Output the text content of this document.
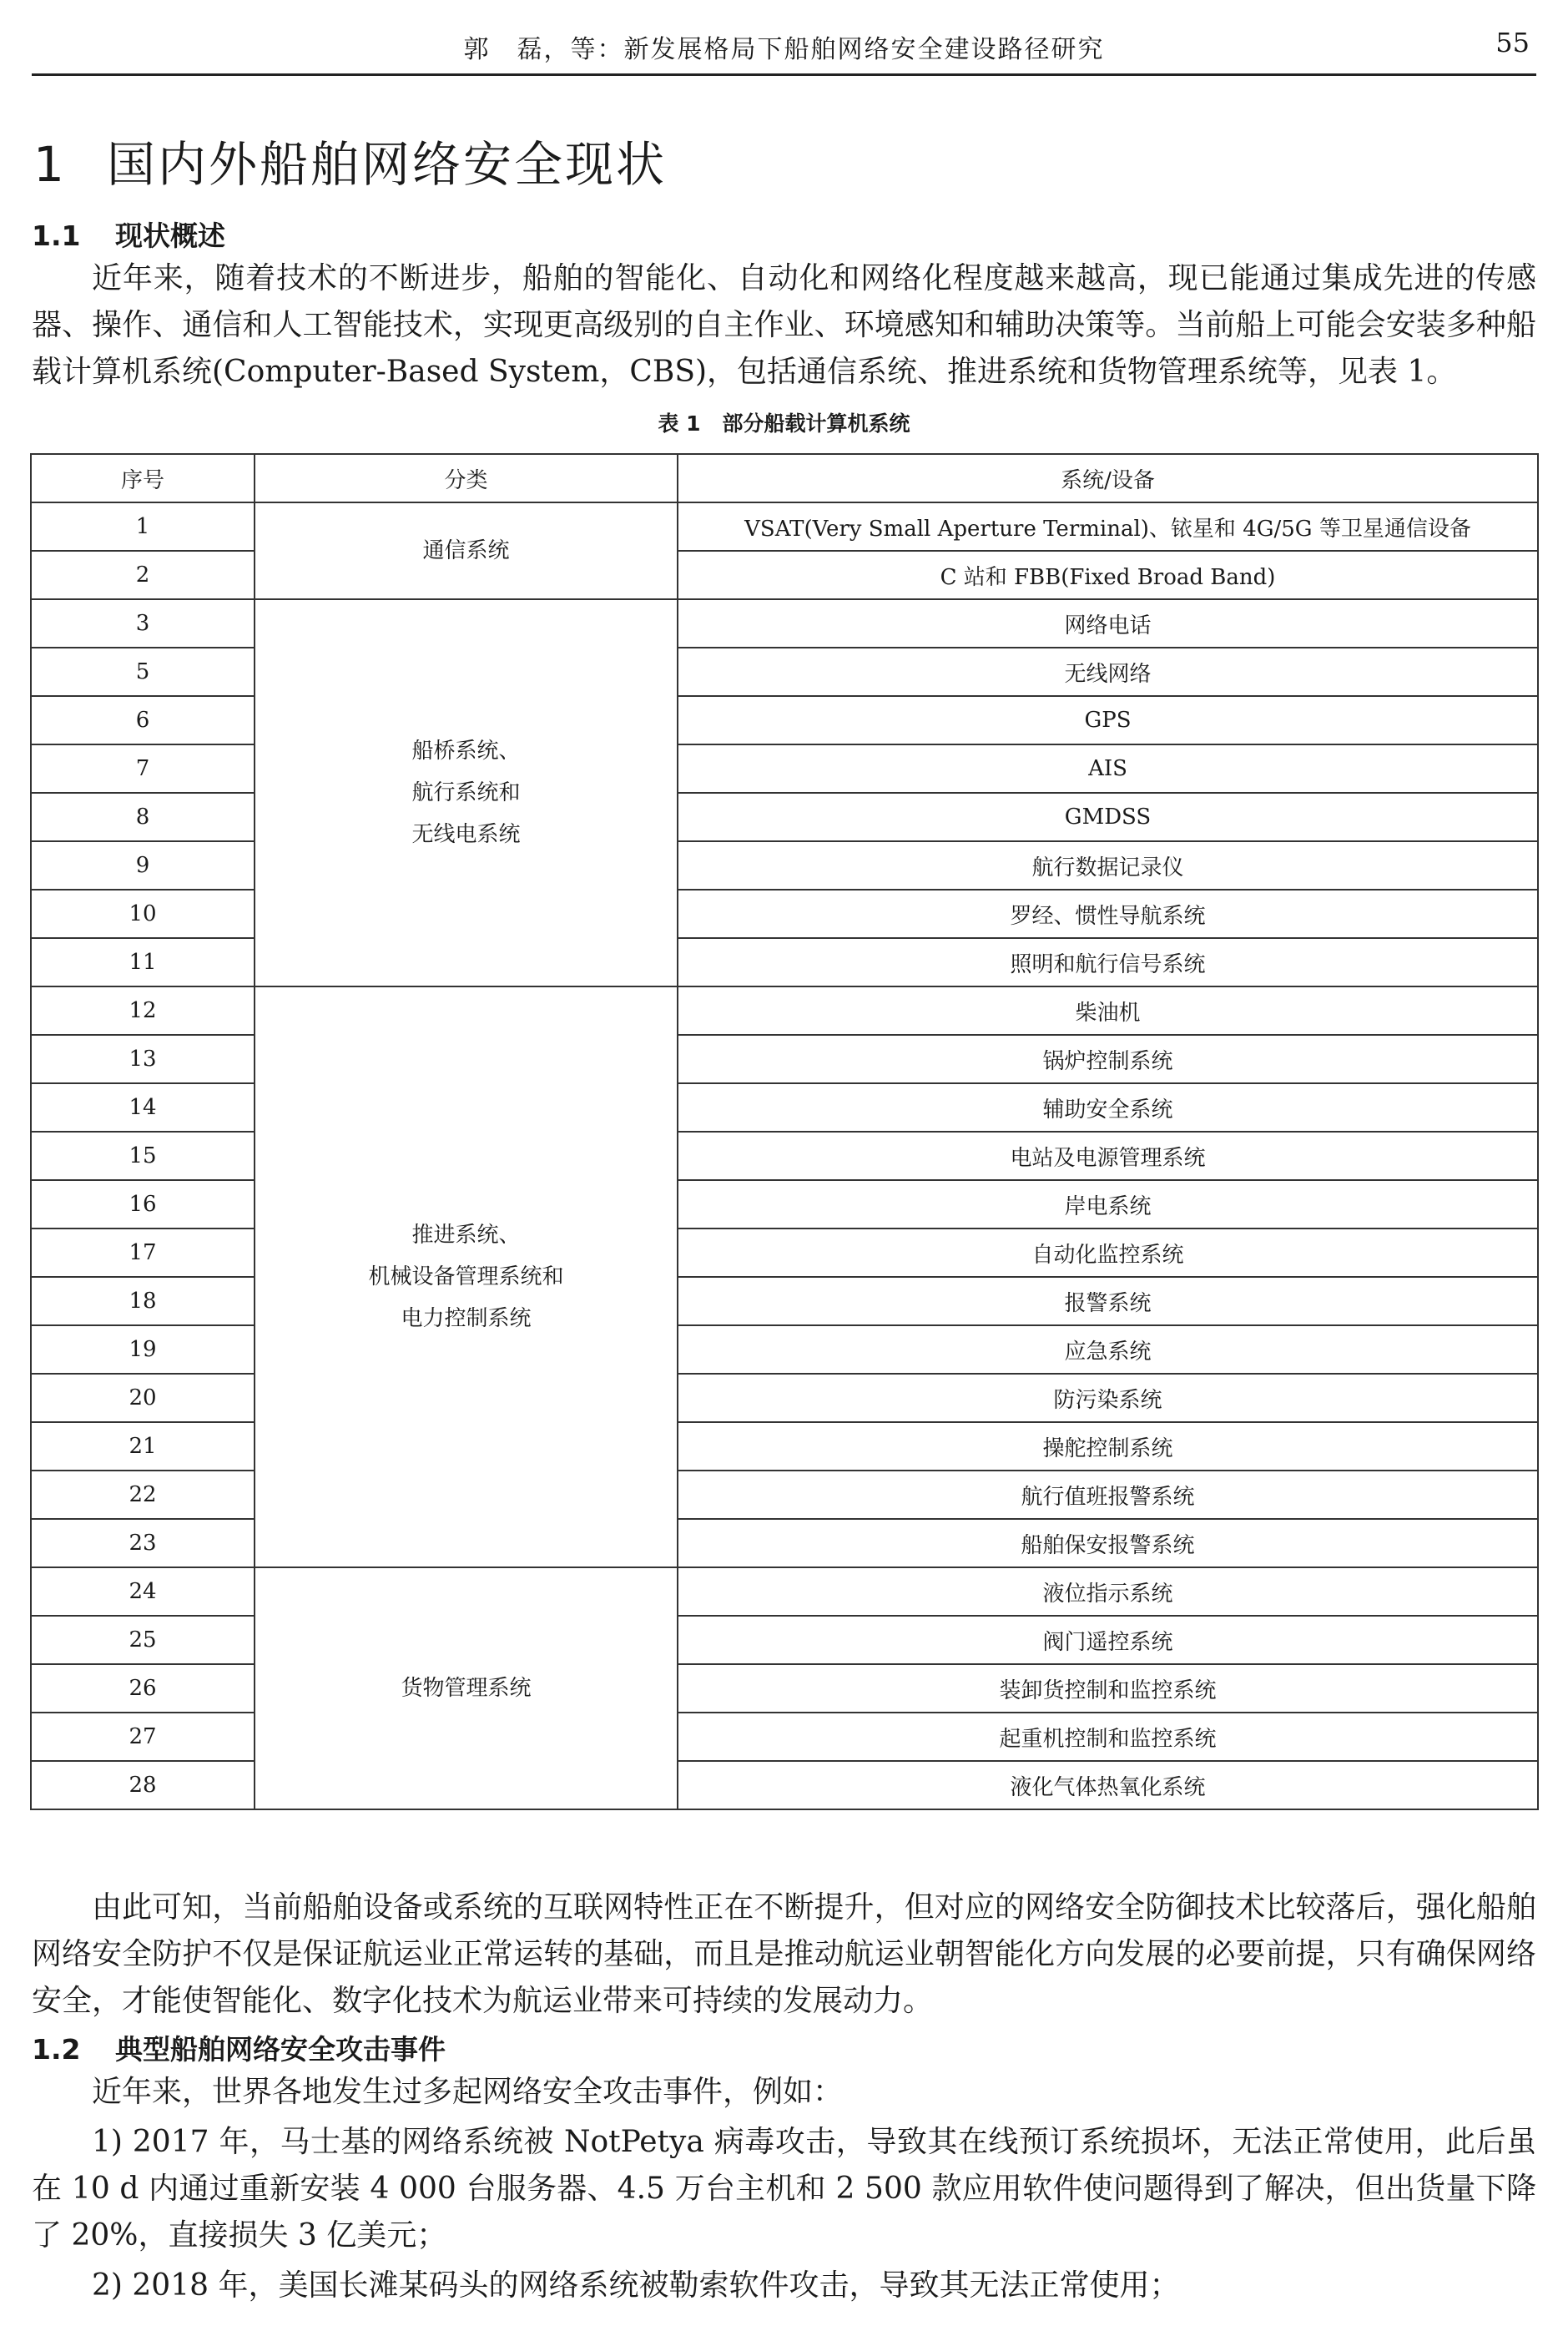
郭　磊，等：新发展格局下船舶网络安全建设路径研究	55
1 国内外船舶网络安全现状
1.1 现状概述
近年来，随着技术的不断进步，船舶的智能化、自动化和网络化程度越来越高，现已能通过集成先进的传感器、操作、通信和人工智能技术，实现更高级别的自主作业、环境感知和辅助决策等。当前船上可能会安装多种船载计算机系统(Computer-Based System，CBS)，包括通信系统、推进系统和货物管理系统等，见表 1。
表 1 部分船载计算机系统
序号	分类	系统/设备
1	通信系统	VSAT(Very Small Aperture Terminal)、铱星和 4G/5G 等卫星通信设备
2		C 站和 FBB(Fixed Broad Band)
3	船桥系统、
航行系统和
无线电系统	网络电话
5		无线网络
6		GPS
7		AIS
8		GMDSS
9		航行数据记录仪
10		罗经、惯性导航系统
11		照明和航行信号系统
12	推进系统、
机械设备管理系统和
电力控制系统	柴油机
13		锅炉控制系统
14		辅助安全系统
15		电站及电源管理系统
16		岸电系统
17		自动化监控系统
18		报警系统
19		应急系统
20		防污染系统
21		操舵控制系统
22		航行值班报警系统
23		船舶保安报警系统
24	货物管理系统	液位指示系统
25		阀门遥控系统
26		装卸货控制和监控系统
27		起重机控制和监控系统
28		液化气体热氧化系统
由此可知，当前船舶设备或系统的互联网特性正在不断提升，但对应的网络安全防御技术比较落后，强化船舶网络安全防护不仅是保证航运业正常运转的基础，而且是推动航运业朝智能化方向发展的必要前提，只有确保网络安全，才能使智能化、数字化技术为航运业带来可持续的发展动力。
1.2 典型船舶网络安全攻击事件
近年来，世界各地发生过多起网络安全攻击事件，例如：
1) 2017 年，马士基的网络系统被 NotPetya 病毒攻击，导致其在线预订系统损坏，无法正常使用，此后虽在 10 d 内通过重新安装 4 000 台服务器、4.5 万台主机和 2 500 款应用软件使问题得到了解决，但出货量下降了 20%，直接损失 3 亿美元；
2) 2018 年，美国长滩某码头的网络系统被勒索软件攻击，导致其无法正常使用；
